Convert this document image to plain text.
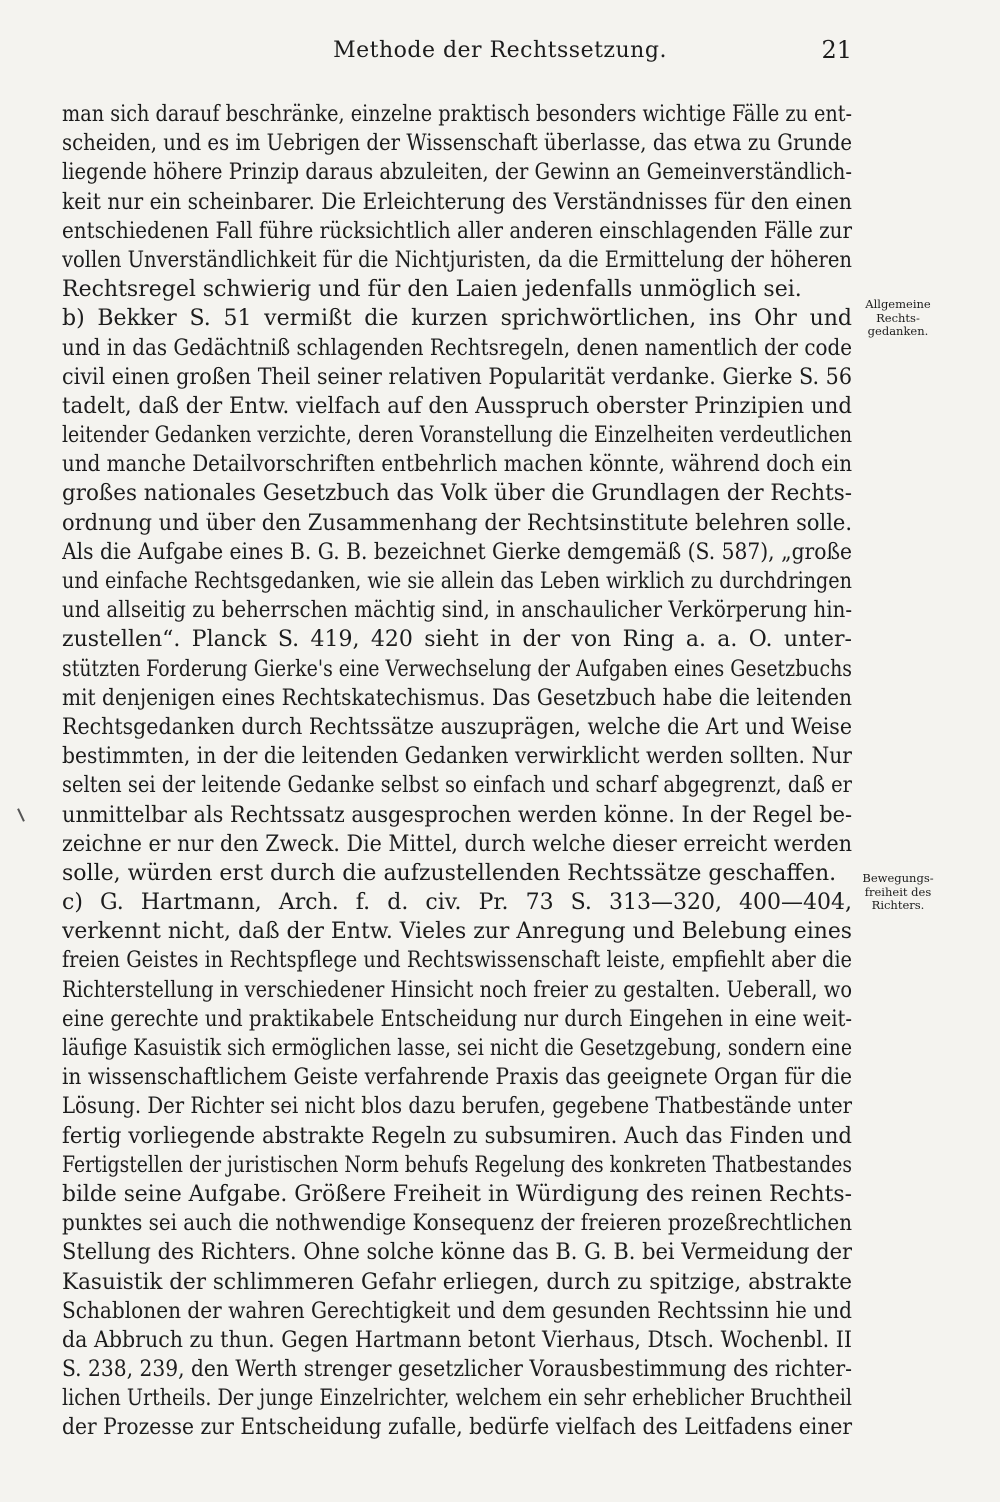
Methode der Rechtssetzung.	21
man sich darauf beschränke, einzelne praktisch besonders wichtige Fälle zu ent-
scheiden, und es im Uebrigen der Wissenschaft überlasse, das etwa zu Grunde
liegende höhere Prinzip daraus abzuleiten, der Gewinn an Gemeinverständlich-
keit nur ein scheinbarer. Die Erleichterung des Verständnisses für den einen
entschiedenen Fall führe rücksichtlich aller anderen einschlagenden Fälle zur
vollen Unverständlichkeit für die Nichtjuristen, da die Ermittelung der höheren
Rechtsregel schwierig und für den Laien jedenfalls unmöglich sei.
b) Bekker S. 51 vermißt die kurzen sprichwörtlichen, ins Ohr und
und in das Gedächtniß schlagenden Rechtsregeln, denen namentlich der code
civil einen großen Theil seiner relativen Popularität verdanke. Gierke S. 56
tadelt, daß der Entw. vielfach auf den Ausspruch oberster Prinzipien und
leitender Gedanken verzichte, deren Voranstellung die Einzelheiten verdeutlichen
und manche Detailvorschriften entbehrlich machen könnte, während doch ein
großes nationales Gesetzbuch das Volk über die Grundlagen der Rechts-
ordnung und über den Zusammenhang der Rechtsinstitute belehren solle.
Als die Aufgabe eines B. G. B. bezeichnet Gierke demgemäß (S. 587), „große
und einfache Rechtsgedanken, wie sie allein das Leben wirklich zu durchdringen
und allseitig zu beherrschen mächtig sind, in anschaulicher Verkörperung hin-
zustellen“. Planck S. 419, 420 sieht in der von Ring a. a. O. unter-
stützten Forderung Gierke's eine Verwechselung der Aufgaben eines Gesetzbuchs
mit denjenigen eines Rechtskatechismus. Das Gesetzbuch habe die leitenden
Rechtsgedanken durch Rechtssätze auszuprägen, welche die Art und Weise
bestimmten, in der die leitenden Gedanken verwirklicht werden sollten. Nur
selten sei der leitende Gedanke selbst so einfach und scharf abgegrenzt, daß er
unmittelbar als Rechtssatz ausgesprochen werden könne. In der Regel be-
zeichne er nur den Zweck. Die Mittel, durch welche dieser erreicht werden
solle, würden erst durch die aufzustellenden Rechtssätze geschaffen.
c) G. Hartmann, Arch. f. d. civ. Pr. 73 S. 313—320, 400—404,
verkennt nicht, daß der Entw. Vieles zur Anregung und Belebung eines
freien Geistes in Rechtspflege und Rechtswissenschaft leiste, empfiehlt aber die
Richterstellung in verschiedener Hinsicht noch freier zu gestalten. Ueberall, wo
eine gerechte und praktikabele Entscheidung nur durch Eingehen in eine weit-
läufige Kasuistik sich ermöglichen lasse, sei nicht die Gesetzgebung, sondern eine
in wissenschaftlichem Geiste verfahrende Praxis das geeignete Organ für die
Lösung. Der Richter sei nicht blos dazu berufen, gegebene Thatbestände unter
fertig vorliegende abstrakte Regeln zu subsumiren. Auch das Finden und
Fertigstellen der juristischen Norm behufs Regelung des konkreten Thatbestandes
bilde seine Aufgabe. Größere Freiheit in Würdigung des reinen Rechts-
punktes sei auch die nothwendige Konsequenz der freieren prozeßrechtlichen
Stellung des Richters. Ohne solche könne das B. G. B. bei Vermeidung der
Kasuistik der schlimmeren Gefahr erliegen, durch zu spitzige, abstrakte
Schablonen der wahren Gerechtigkeit und dem gesunden Rechtssinn hie und
da Abbruch zu thun. Gegen Hartmann betont Vierhaus, Dtsch. Wochenbl. II
S. 238, 239, den Werth strenger gesetzlicher Vorausbestimmung des richter-
lichen Urtheils. Der junge Einzelrichter, welchem ein sehr erheblicher Bruchtheil
der Prozesse zur Entscheidung zufalle, bedürfe vielfach des Leitfadens einer
Allgemeine
Rechts-
gedanken.
Bewegungs-
freiheit des
Richters.
